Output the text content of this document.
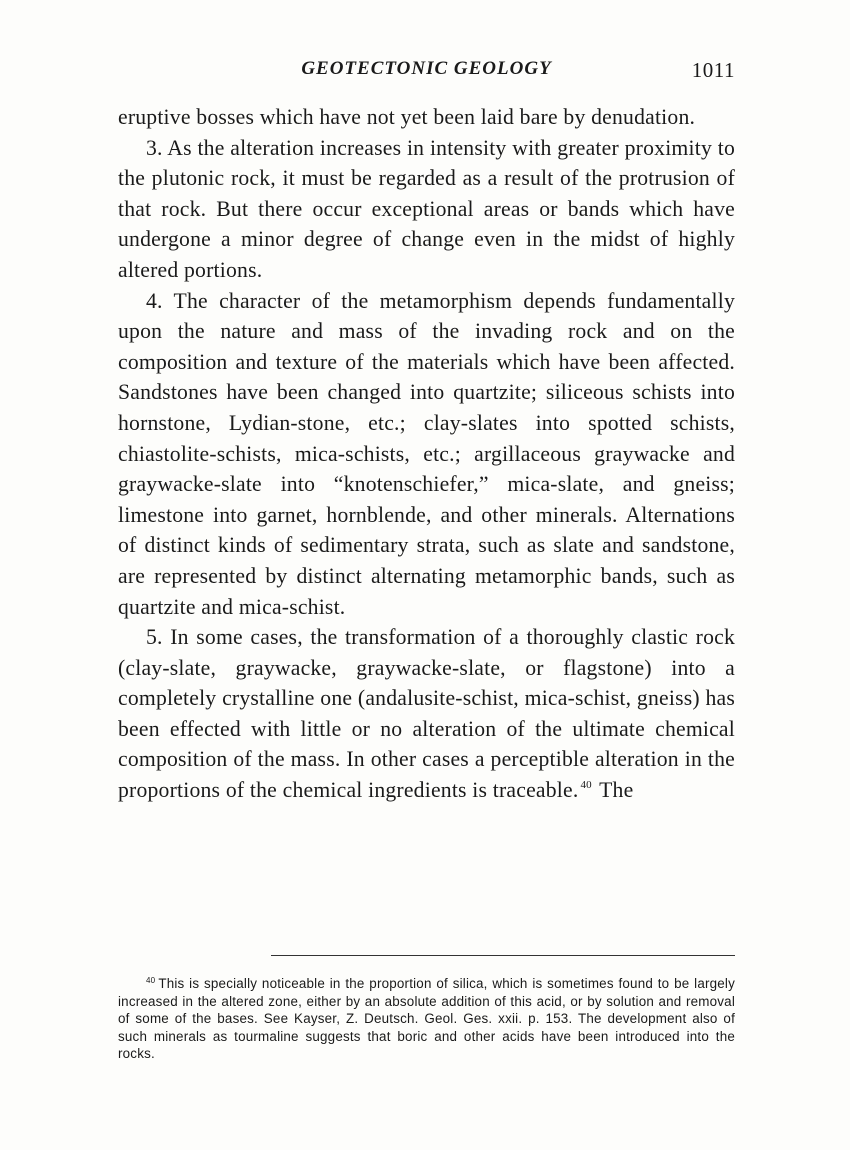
GEOTECTONIC GEOLOGY	1011

eruptive bosses which have not yet been laid bare by denudation.

3. As the alteration increases in intensity with greater proximity to the plutonic rock, it must be regarded as a result of the protrusion of that rock. But there occur exceptional areas or bands which have undergone a minor degree of change even in the midst of highly altered portions.

4. The character of the metamorphism depends fundamentally upon the nature and mass of the invading rock and on the composition and texture of the materials which have been affected. Sandstones have been changed into quartzite; siliceous schists into hornstone, Lydian-stone, etc.; clay-slates into spotted schists, chiastolite-schists, mica-schists, etc.; argillaceous graywacke and graywacke-slate into “knotenschiefer,” mica-slate, and gneiss; limestone into garnet, hornblende, and other minerals. Alternations of distinct kinds of sedimentary strata, such as slate and sandstone, are represented by distinct alternating metamorphic bands, such as quartzite and mica-schist.

5. In some cases, the transformation of a thoroughly clastic rock (clay-slate, graywacke, graywacke-slate, or flagstone) into a completely crystalline one (andalusite-schist, mica-schist, gneiss) has been effected with little or no alteration of the ultimate chemical composition of the mass. In other cases a perceptible alteration in the proportions of the chemical ingredients is traceable. $^{40}$ The

$^{40}$ This is specially noticeable in the proportion of silica, which is sometimes found to be largely increased in the altered zone, either by an absolute addition of this acid, or by solution and removal of some of the bases. See Kayser, Z. Deutsch. Geol. Ges. xxii. p. 153. The development also of such minerals as tourmaline suggests that boric and other acids have been introduced into the rocks.
